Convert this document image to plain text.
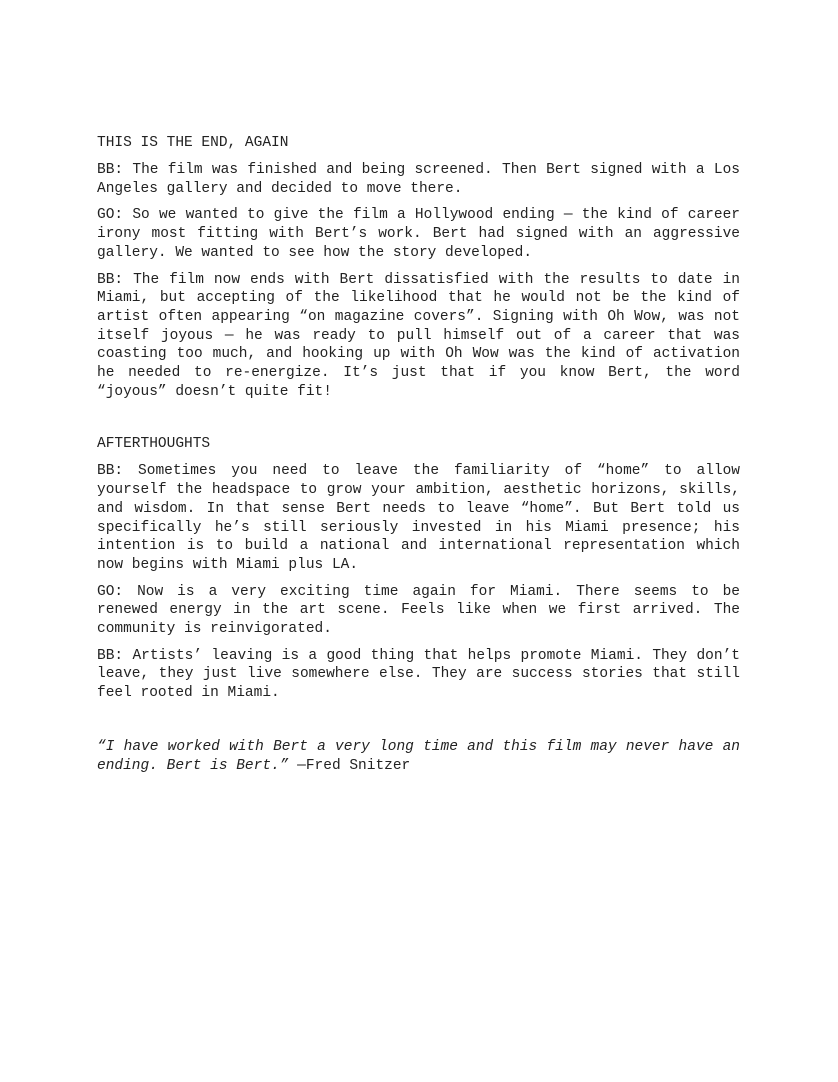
THIS IS THE END, AGAIN

BB: The film was finished and being screened. Then Bert signed with a Los Angeles gallery and decided to move there.

GO: So we wanted to give the film a Hollywood ending — the kind of career irony most fitting with Bert’s work. Bert had signed with an aggressive gallery. We wanted to see how the story developed.

BB: The film now ends with Bert dissatisfied with the results to date in Miami, but accepting of the likelihood that he would not be the kind of artist often appearing “on magazine covers”. Signing with Oh Wow, was not itself joyous — he was ready to pull himself out of a career that was coasting too much, and hooking up with Oh Wow was the kind of activation he needed to re-energize. It’s just that if you know Bert, the word “joyous” doesn’t quite fit!

AFTERTHOUGHTS

BB: Sometimes you need to leave the familiarity of “home” to allow yourself the headspace to grow your ambition, aesthetic horizons, skills, and wisdom. In that sense Bert needs to leave “home”. But Bert told us specifically he’s still seriously invested in his Miami presence; his intention is to build a national and international representation which now begins with Miami plus LA.

GO: Now is a very exciting time again for Miami. There seems to be renewed energy in the art scene. Feels like when we first arrived. The community is reinvigorated.

BB: Artists’ leaving is a good thing that helps promote Miami. They don’t leave, they just live somewhere else. They are success stories that still feel rooted in Miami.

“I have worked with Bert a very long time and this film may never have an ending. Bert is Bert.” —Fred Snitzer
